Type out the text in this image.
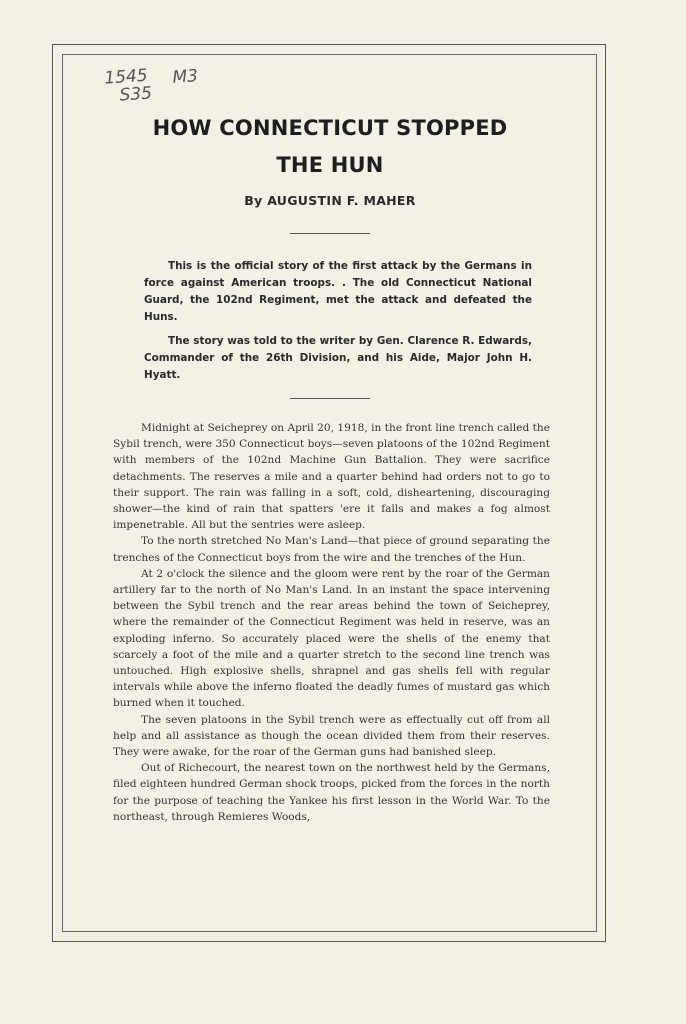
1545 M3
S35
HOW CONNECTICUT STOPPED
THE HUN
By AUGUSTIN F. MAHER

This is the official story of the first attack by the Germans in force against American troops. . The old Connecticut National Guard, the 102nd Regiment, met the attack and defeated the Huns.

The story was told to the writer by Gen. Clarence R. Edwards, Commander of the 26th Division, and his Aide, Major John H. Hyatt.

Midnight at Seicheprey on April 20, 1918, in the front line trench called the Sybil trench, were 350 Connecticut boys—seven platoons of the 102nd Regiment with members of the 102nd Machine Gun Battalion. They were sacrifice detachments. The reserves a mile and a quarter behind had orders not to go to their support. The rain was falling in a soft, cold, disheartening, discouraging shower—the kind of rain that spatters 'ere it falls and makes a fog almost impenetrable. All but the sentries were asleep.

To the north stretched No Man's Land—that piece of ground separating the trenches of the Connecticut boys from the wire and the trenches of the Hun.

At 2 o'clock the silence and the gloom were rent by the roar of the German artillery far to the north of No Man's Land. In an instant the space intervening between the Sybil trench and the rear areas behind the town of Seicheprey, where the remainder of the Connecticut Regiment was held in reserve, was an exploding inferno. So accurately placed were the shells of the enemy that scarcely a foot of the mile and a quarter stretch to the second line trench was untouched. High explosive shells, shrapnel and gas shells fell with regular intervals while above the inferno floated the deadly fumes of mustard gas which burned when it touched.

The seven platoons in the Sybil trench were as effectually cut off from all help and all assistance as though the ocean divided them from their reserves. They were awake, for the roar of the German guns had banished sleep.

Out of Richecourt, the nearest town on the northwest held by the Germans, filed eighteen hundred German shock troops, picked from the forces in the north for the purpose of teaching the Yankee his first lesson in the World War. To the northeast, through Remieres Woods,
